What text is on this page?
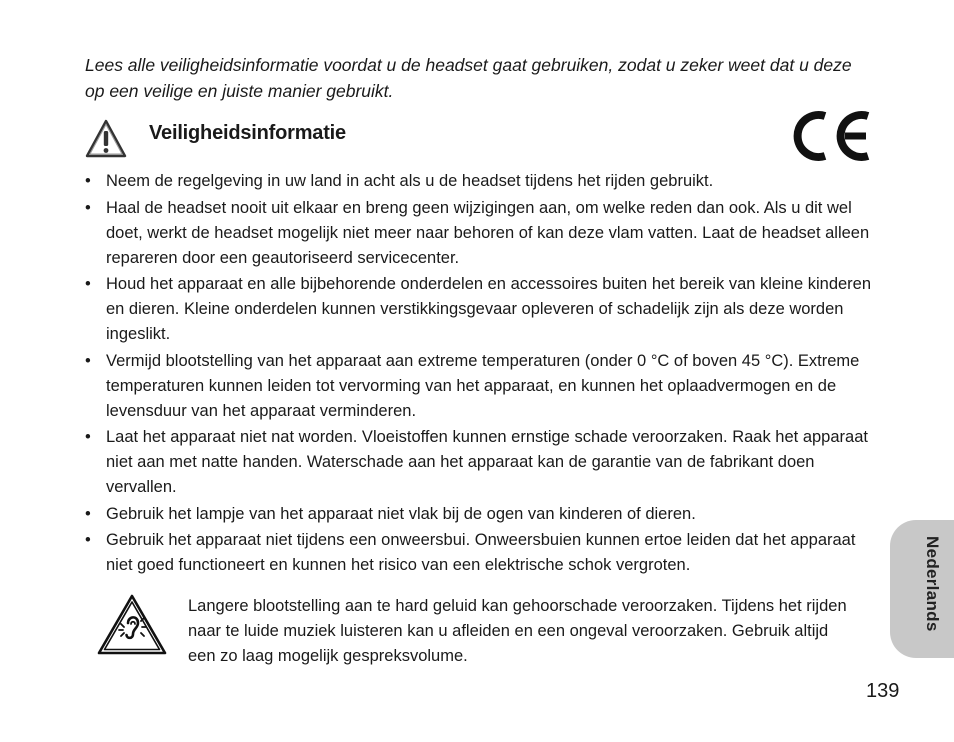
Lees alle veiligheidsinformatie voordat u de headset gaat gebruiken, zodat u zeker weet dat u deze op een veilige en juiste manier gebruikt.

Veiligheidsinformatie
• Neem de regelgeving in uw land in acht als u de headset tijdens het rijden gebruikt.
• Haal de headset nooit uit elkaar en breng geen wijzigingen aan, om welke reden dan ook. Als u dit wel doet, werkt de headset mogelijk niet meer naar behoren of kan deze vlam vatten. Laat de headset alleen repareren door een geautoriseerd servicecenter.
• Houd het apparaat en alle bijbehorende onderdelen en accessoires buiten het bereik van kleine kinderen en dieren. Kleine onderdelen kunnen verstikkingsgevaar opleveren of schadelijk zijn als deze worden ingeslikt.
• Vermijd blootstelling van het apparaat aan extreme temperaturen (onder 0 °C of boven 45 °C). Extreme temperaturen kunnen leiden tot vervorming van het apparaat, en kunnen het oplaadvermogen en de levensduur van het apparaat verminderen.
• Laat het apparaat niet nat worden. Vloeistoffen kunnen ernstige schade veroorzaken. Raak het apparaat niet aan met natte handen. Waterschade aan het apparaat kan de garantie van de fabrikant doen vervallen.
• Gebruik het lampje van het apparaat niet vlak bij de ogen van kinderen of dieren.
• Gebruik het apparaat niet tijdens een onweersbui. Onweersbuien kunnen ertoe leiden dat het apparaat niet goed functioneert en kunnen het risico van een elektrische schok vergroten.

Langere blootstelling aan te hard geluid kan gehoorschade veroorzaken. Tijdens het rijden naar te luide muziek luisteren kan u afleiden en een ongeval veroorzaken. Gebruik altijd een zo laag mogelijk gespreksvolume.

Nederlands

139
